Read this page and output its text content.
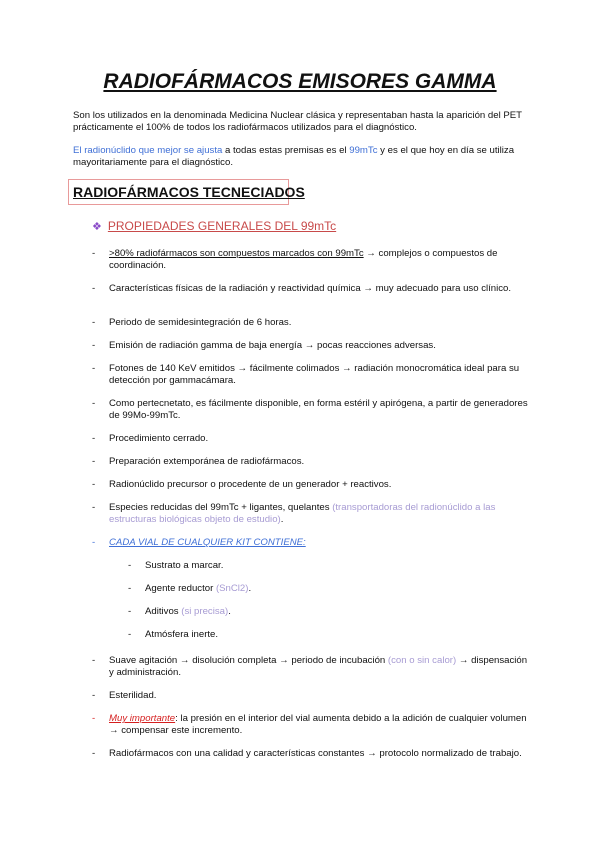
RADIOFÁRMACOS EMISORES GAMMA
Son los utilizados en la denominada Medicina Nuclear clásica y representaban hasta la aparición del PET prácticamente el 100% de todos los radiofármacos utilizados para el diagnóstico.
El radionúclido que mejor se ajusta a todas estas premisas es el 99mTc y es el que hoy en día se utiliza mayoritariamente para el diagnóstico.
RADIOFÁRMACOS TECNECIADOS
❖ PROPIEDADES GENERALES DEL 99mTc
- >80% radiofármacos son compuestos marcados con 99mTc → complejos o compuestos de coordinación.
- Características físicas de la radiación y reactividad química → muy adecuado para uso clínico.
- Periodo de semidesintegración de 6 horas.
- Emisión de radiación gamma de baja energía → pocas reacciones adversas.
- Fotones de 140 KeV emitidos → fácilmente colimados → radiación monocromática ideal para su detección por gammacámara.
- Como pertecnetato, es fácilmente disponible, en forma estéril y apirógena, a partir de generadores de 99Mo-99mTc.
- Procedimiento cerrado.
- Preparación extemporánea de radiofármacos.
- Radionúclido precursor o procedente de un generador + reactivos.
- Especies reducidas del 99mTc + ligantes, quelantes (transportadoras del radionúclido a las estructuras biológicas objeto de estudio).
- CADA VIAL DE CUALQUIER KIT CONTIENE:
- Sustrato a marcar.
- Agente reductor (SnCl2).
- Aditivos (si precisa).
- Atmósfera inerte.
- Suave agitación → disolución completa → periodo de incubación (con o sin calor) → dispensación y administración.
- Esterilidad.
- Muy importante: la presión en el interior del vial aumenta debido a la adición de cualquier volumen → compensar este incremento.
- Radiofármacos con una calidad y características constantes → protocolo normalizado de trabajo.
